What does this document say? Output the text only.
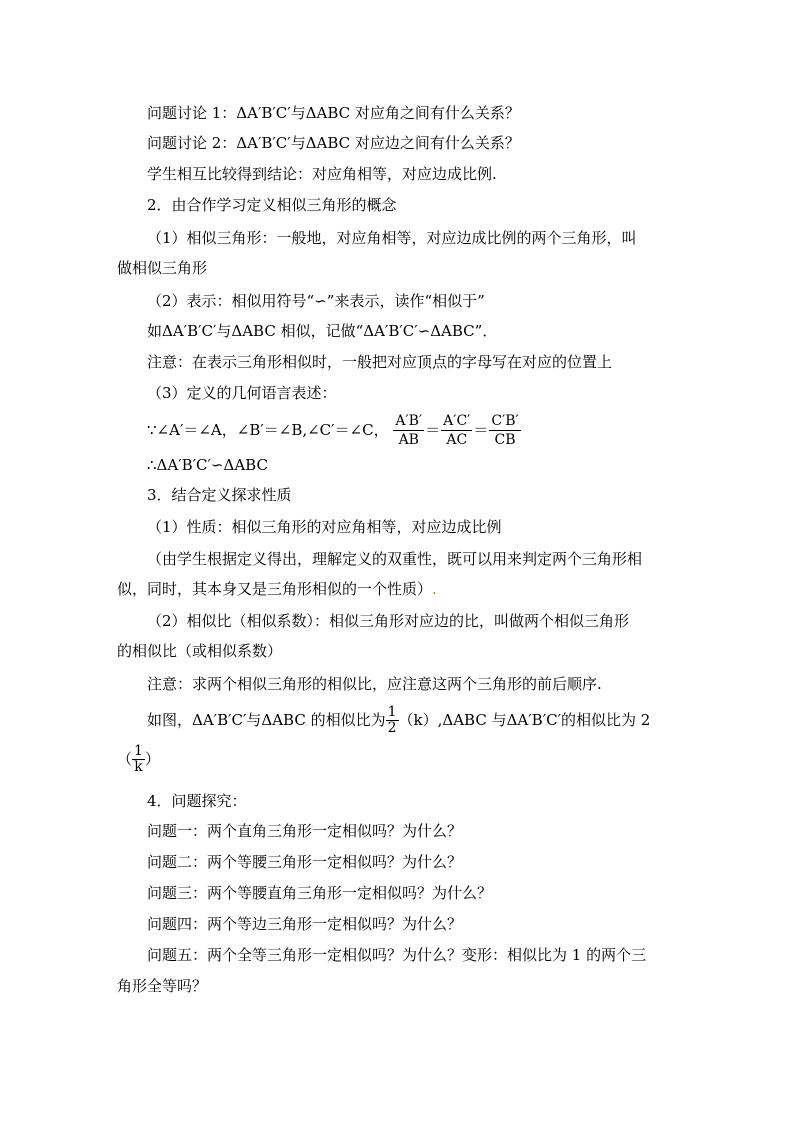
问题讨论 1：ΔA′B′C′与ΔABC 对应角之间有什么关系？
问题讨论 2：ΔA′B′C′与ΔABC 对应边之间有什么关系？
学生相互比较得到结论：对应角相等，对应边成比例.
2．由合作学习定义相似三角形的概念
（1）相似三角形：一般地，对应角相等，对应边成比例的两个三角形，叫
做相似三角形
（2）表示：相似用符号“∽”来表示，读作“相似于”
如ΔA′B′C′与ΔABC 相似，记做“ΔA′B′C′∽ΔABC”．
注意：在表示三角形相似时，一般把对应顶点的字母写在对应的位置上
（3）定义的几何语言表述：
∵∠A′＝∠A，∠B′＝∠B,∠C′＝∠C， $\frac{A'B'}{AB} = \frac{A'C'}{AC} = \frac{C'B'}{CB}$
∴ΔA′B′C′∽ΔABC
3．结合定义探求性质
（1）性质：相似三角形的对应角相等，对应边成比例
（由学生根据定义得出，理解定义的双重性，既可以用来判定两个三角形相
似，同时，其本身又是三角形相似的一个性质）.
（2）相似比（相似系数）：相似三角形对应边的比，叫做两个相似三角形
的相似比（或相似系数）
注意：求两个相似三角形的相似比，应注意这两个三角形的前后顺序.
如图，ΔA′B′C′与ΔABC 的相似比为 $\frac{1}{2} (k),\Delta ABC$ 与ΔA′B′C′的相似比为 2
（ $\frac{1}{k}$ ）
4．问题探究：
问题一：两个直角三角形一定相似吗？为什么？
问题二：两个等腰三角形一定相似吗？为什么？
问题三：两个等腰直角三角形一定相似吗？为什么？
问题四：两个等边三角形一定相似吗？为什么？
问题五：两个全等三角形一定相似吗？为什么？变形：相似比为 1 的两个三
角形全等吗？
